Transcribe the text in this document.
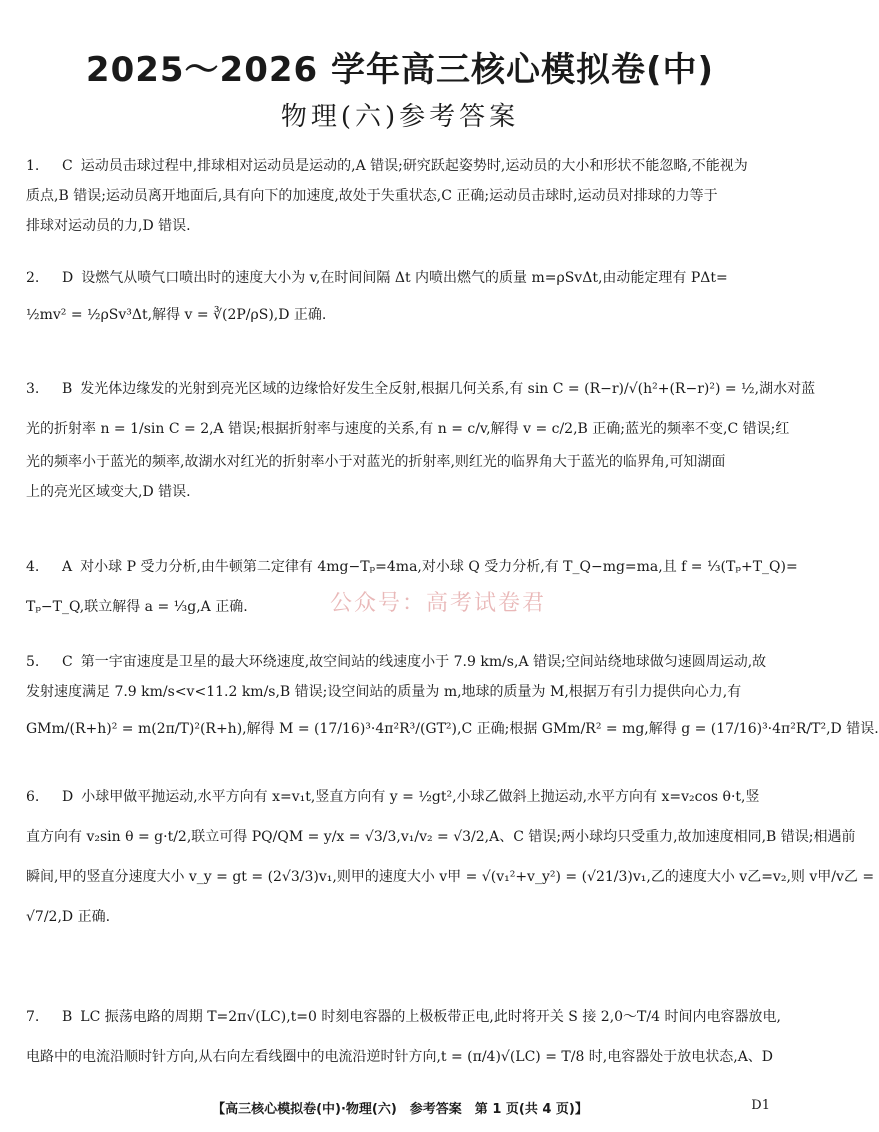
2025～2026 学年高三核心模拟卷(中)
物理(六)参考答案
1. C 运动员击球过程中,排球相对运动员是运动的,A 错误;研究跃起姿势时,运动员的大小和形状不能忽略,不能视为
质点,B 错误;运动员离开地面后,具有向下的加速度,故处于失重状态,C 正确;运动员击球时,运动员对排球的力等于
排球对运动员的力,D 错误.
2. D 设燃气从喷气口喷出时的速度大小为 v,在时间间隔 Δt 内喷出燃气的质量 m=ρSvΔt,由动能定理有 PΔt=
½mv² = ½ρSv³Δt,解得 v = ∛(2P/ρS),D 正确.
3. B 发光体边缘发的光射到亮光区域的边缘恰好发生全反射,根据几何关系,有 sin C = (R−r)/√(h²+(R−r)²) = ½,湖水对蓝
光的折射率 n = 1/sin C = 2,A 错误;根据折射率与速度的关系,有 n = c/v,解得 v = c/2,B 正确;蓝光的频率不变,C 错误;红
光的频率小于蓝光的频率,故湖水对红光的折射率小于对蓝光的折射率,则红光的临界角大于蓝光的临界角,可知湖面
上的亮光区域变大,D 错误.
4. A 对小球 P 受力分析,由牛顿第二定律有 4mg−Tₚ=4ma,对小球 Q 受力分析,有 T_Q−mg=ma,且 f = ⅓(Tₚ+T_Q)=
Tₚ−T_Q,联立解得 a = ⅓g,A 正确.
5. C 第一宇宙速度是卫星的最大环绕速度,故空间站的线速度小于 7.9 km/s,A 错误;空间站绕地球做匀速圆周运动,故
发射速度满足 7.9 km/s<v<11.2 km/s,B 错误;设空间站的质量为 m,地球的质量为 M,根据万有引力提供向心力,有
GMm/(R+h)² = m(2π/T)²(R+h),解得 M = (17/16)³·4π²R³/(GT²),C 正确;根据 GMm/R² = mg,解得 g = (17/16)³·4π²R/T²,D 错误.
6. D 小球甲做平抛运动,水平方向有 x=v₁t,竖直方向有 y = ½gt²,小球乙做斜上抛运动,水平方向有 x=v₂cos θ·t,竖
直方向有 v₂sin θ = g·t/2,联立可得 PQ/QM = y/x = √3/3,v₁/v₂ = √3/2,A、C 错误;两小球均只受重力,故加速度相同,B 错误;相遇前
瞬间,甲的竖直分速度大小 v_y = gt = (2√3/3)v₁,则甲的速度大小 v甲 = √(v₁²+v_y²) = (√21/3)v₁,乙的速度大小 v乙=v₂,则 v甲/v乙 =
√7/2,D 正确.
7. B LC 振荡电路的周期 T=2π√(LC),t=0 时刻电容器的上极板带正电,此时将开关 S 接 2,0～T/4 时间内电容器放电,
电路中的电流沿顺时针方向,从右向左看线圈中的电流沿逆时针方向,t = (π/4)√(LC) = T/8 时,电容器处于放电状态,A、D
公众号：高考试卷君
【高三核心模拟卷(中)·物理(六)　参考答案　第 1 页(共 4 页)】	D1
